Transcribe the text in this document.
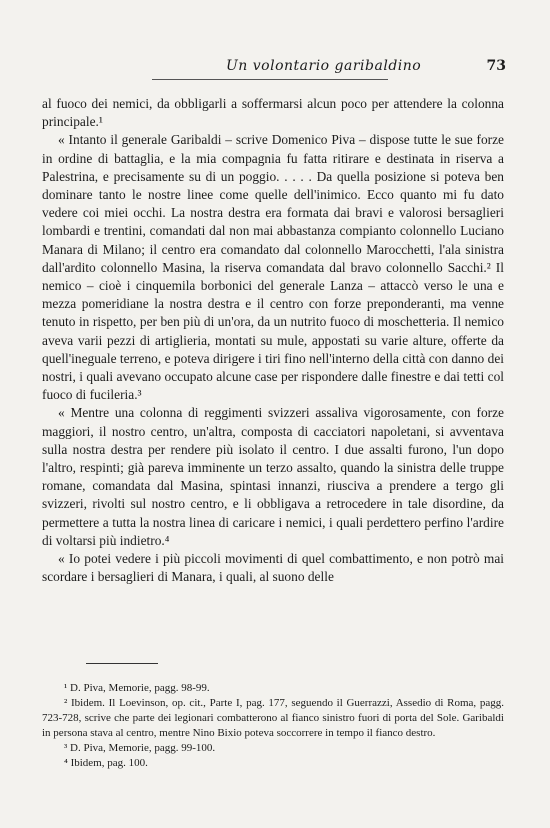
Un volontario garibaldino	73

al fuoco dei nemici, da obbligarli a soffermarsi alcun poco per attendere la colonna principale.¹

« Intanto il generale Garibaldi – scrive Domenico Piva – dispose tutte le sue forze in ordine di battaglia, e la mia compagnia fu fatta ritirare e destinata in riserva a Palestrina, e precisamente su di un poggio. . . . . Da quella posizione si poteva ben dominare tanto le nostre linee come quelle dell'inimico. Ecco quanto mi fu dato vedere coi miei occhi. La nostra destra era formata dai bravi e valorosi bersaglieri lombardi e trentini, comandati dal non mai abbastanza compianto colonnello Luciano Manara di Milano; il centro era comandato dal colonnello Marocchetti, l'ala sinistra dall'ardito colonnello Masina, la riserva comandata dal bravo colonnello Sacchi.² Il nemico – cioè i cinquemila borbonici del generale Lanza – attaccò verso le una e mezza pomeridiane la nostra destra e il centro con forze preponderanti, ma venne tenuto in rispetto, per ben più di un'ora, da un nutrito fuoco di moschetteria. Il nemico aveva varii pezzi di artiglieria, montati su mule, appostati su varie alture, offerte da quell'ineguale terreno, e poteva dirigere i tiri fino nell'interno della città con danno dei nostri, i quali avevano occupato alcune case per rispondere dalle finestre e dai tetti col fuoco di fucileria.³

« Mentre una colonna di reggimenti svizzeri assaliva vigorosamente, con forze maggiori, il nostro centro, un'altra, composta di cacciatori napoletani, si avventava sulla nostra destra per rendere più isolato il centro. I due assalti furono, l'un dopo l'altro, respinti; già pareva imminente un terzo assalto, quando la sinistra delle truppe romane, comandata dal Masina, spintasi innanzi, riusciva a prendere a tergo gli svizzeri, rivolti sul nostro centro, e li obbligava a retrocedere in tale disordine, da permettere a tutta la nostra linea di caricare i nemici, i quali perdettero perfino l'ardire di voltarsi più indietro.⁴

« Io potei vedere i più piccoli movimenti di quel combattimento, e non potrò mai scordare i bersaglieri di Manara, i quali, al suono delle

¹ D. Piva, Memorie, pagg. 98-99.

² Ibidem. Il Loevinson, op. cit., Parte I, pag. 177, seguendo il Guerrazzi, Assedio di Roma, pagg. 723-728, scrive che parte dei legionari combatterono al fianco sinistro fuori di porta del Sole. Garibaldi in persona stava al centro, mentre Nino Bixio poteva soccorrere in tempo il fianco destro.

³ D. Piva, Memorie, pagg. 99-100.

⁴ Ibidem, pag. 100.
